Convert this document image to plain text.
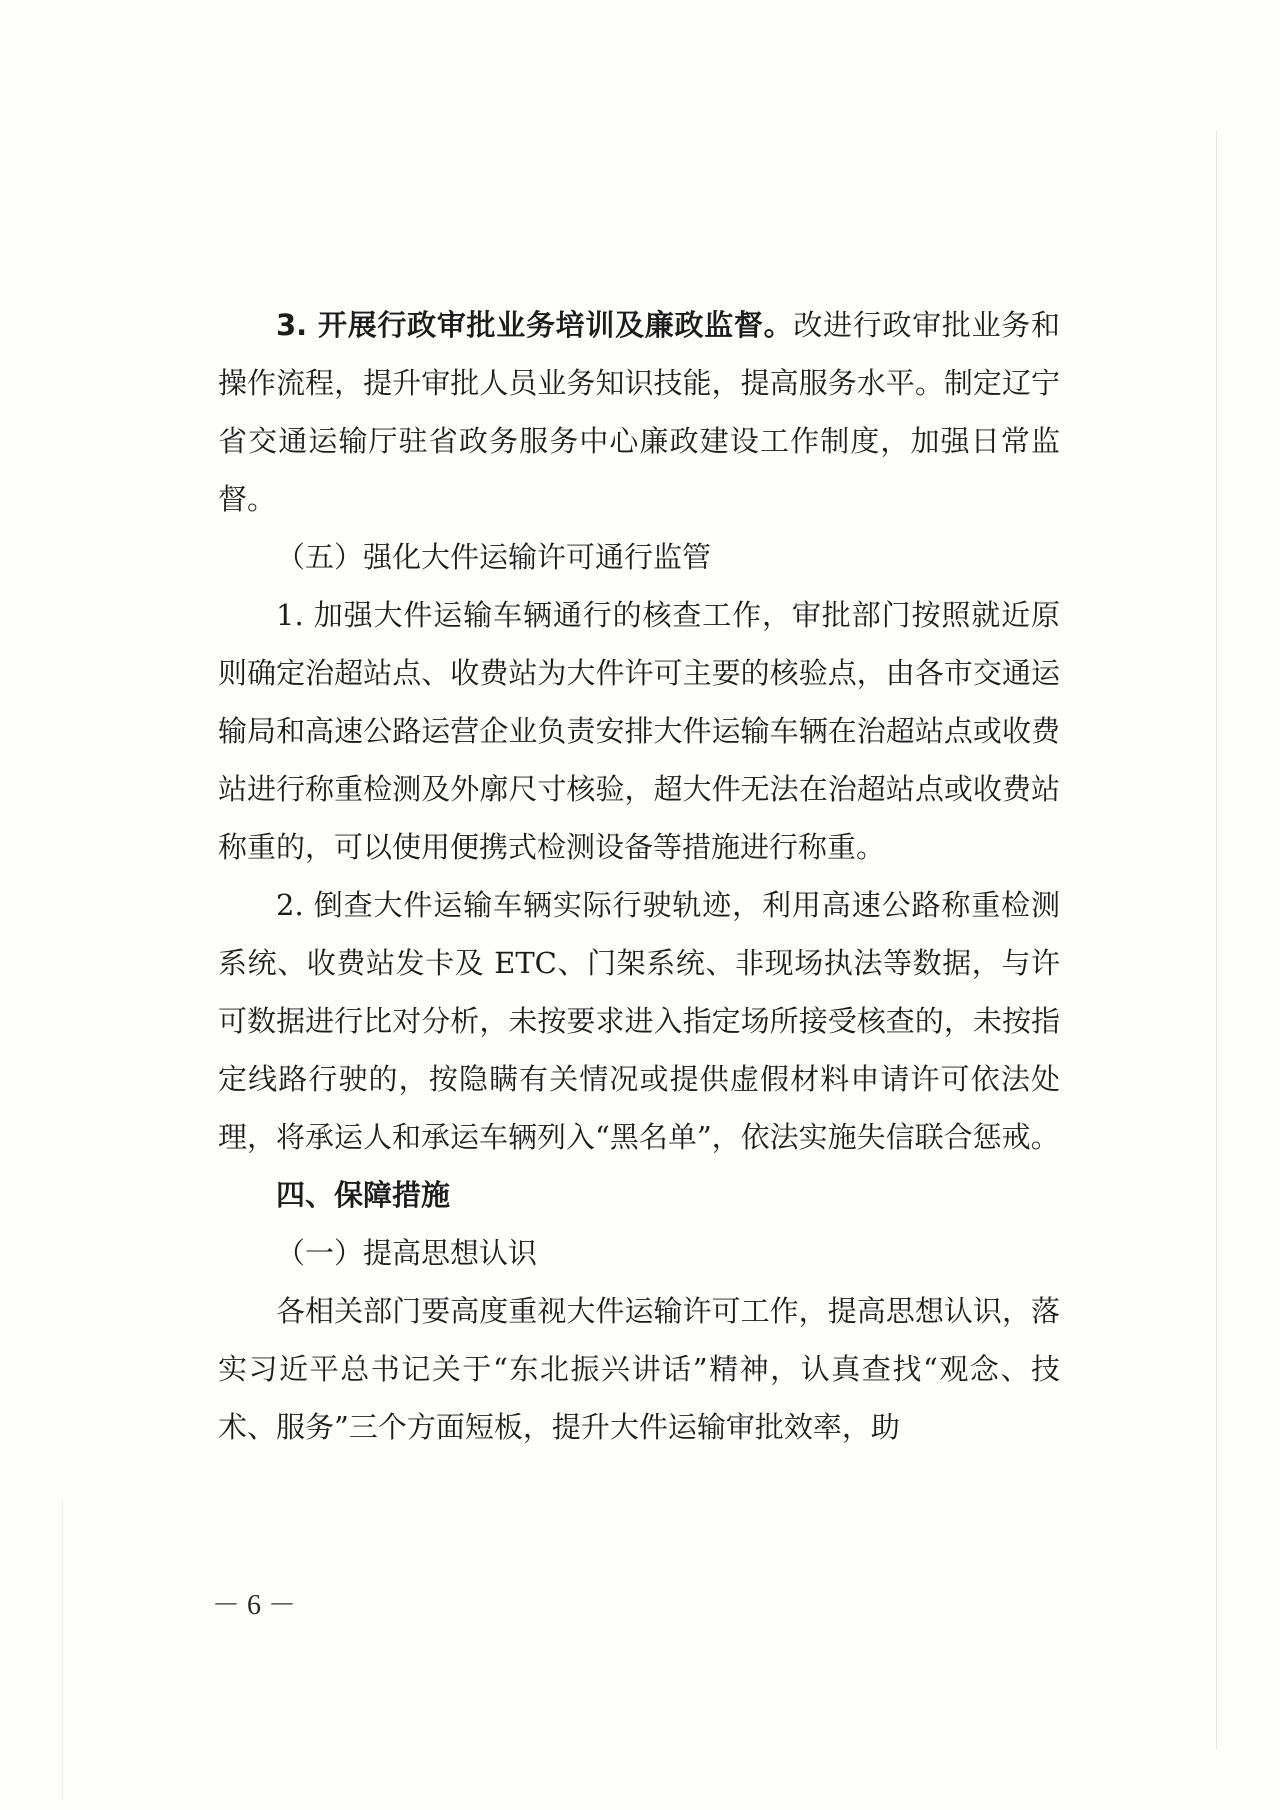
3. 开展行政审批业务培训及廉政监督。改进行政审批业务和操作流程，提升审批人员业务知识技能，提高服务水平。制定辽宁省交通运输厅驻省政务服务中心廉政建设工作制度，加强日常监督。

（五）强化大件运输许可通行监管

1. 加强大件运输车辆通行的核查工作，审批部门按照就近原则确定治超站点、收费站为大件许可主要的核验点，由各市交通运输局和高速公路运营企业负责安排大件运输车辆在治超站点或收费站进行称重检测及外廓尺寸核验，超大件无法在治超站点或收费站称重的，可以使用便携式检测设备等措施进行称重。

2. 倒查大件运输车辆实际行驶轨迹，利用高速公路称重检测系统、收费站发卡及 ETC、门架系统、非现场执法等数据，与许可数据进行比对分析，未按要求进入指定场所接受核查的，未按指定线路行驶的，按隐瞒有关情况或提供虚假材料申请许可依法处理，将承运人和承运车辆列入“黑名单”，依法实施失信联合惩戒。

四、保障措施

（一）提高思想认识

各相关部门要高度重视大件运输许可工作，提高思想认识，落实习近平总书记关于“东北振兴讲话”精神，认真查找“观念、技术、服务”三个方面短板，提升大件运输审批效率，助

－ 6 －
